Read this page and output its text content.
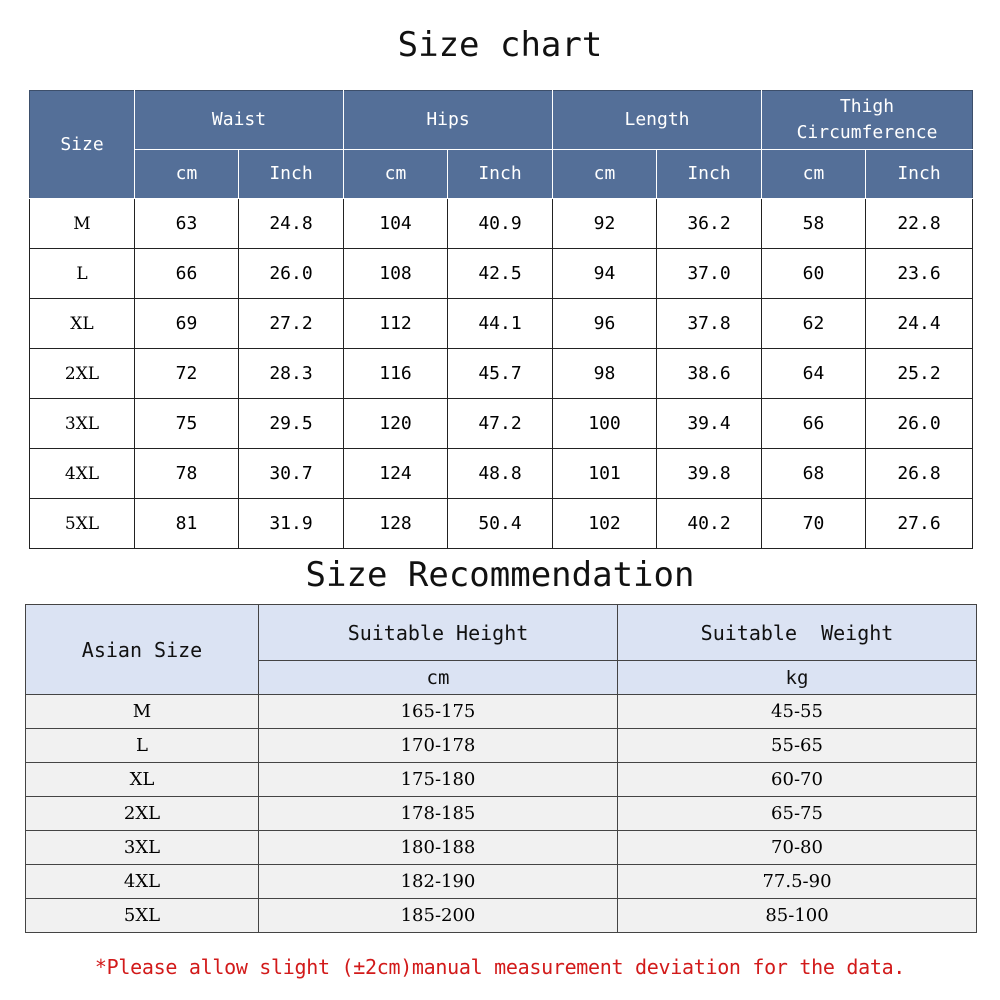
Size chart
Size	Waist		Hips		Length		Thigh
Circumference	
	cm	Inch	cm	Inch	cm	Inch	cm	Inch
M	63	24.8	104	40.9	92	36.2	58	22.8
L	66	26.0	108	42.5	94	37.0	60	23.6
XL	69	27.2	112	44.1	96	37.8	62	24.4
2XL	72	28.3	116	45.7	98	38.6	64	25.2
3XL	75	29.5	120	47.2	100	39.4	66	26.0
4XL	78	30.7	124	48.8	101	39.8	68	26.8
5XL	81	31.9	128	50.4	102	40.2	70	27.6
Size Recommendation
Asian Size	Suitable Height	Suitable  Weight
	cm	kg
M	165-175	45-55
L	170-178	55-65
XL	175-180	60-70
2XL	178-185	65-75
3XL	180-188	70-80
4XL	182-190	77.5-90
5XL	185-200	85-100
*Please allow slight (±2cm)manual measurement deviation for the data.
